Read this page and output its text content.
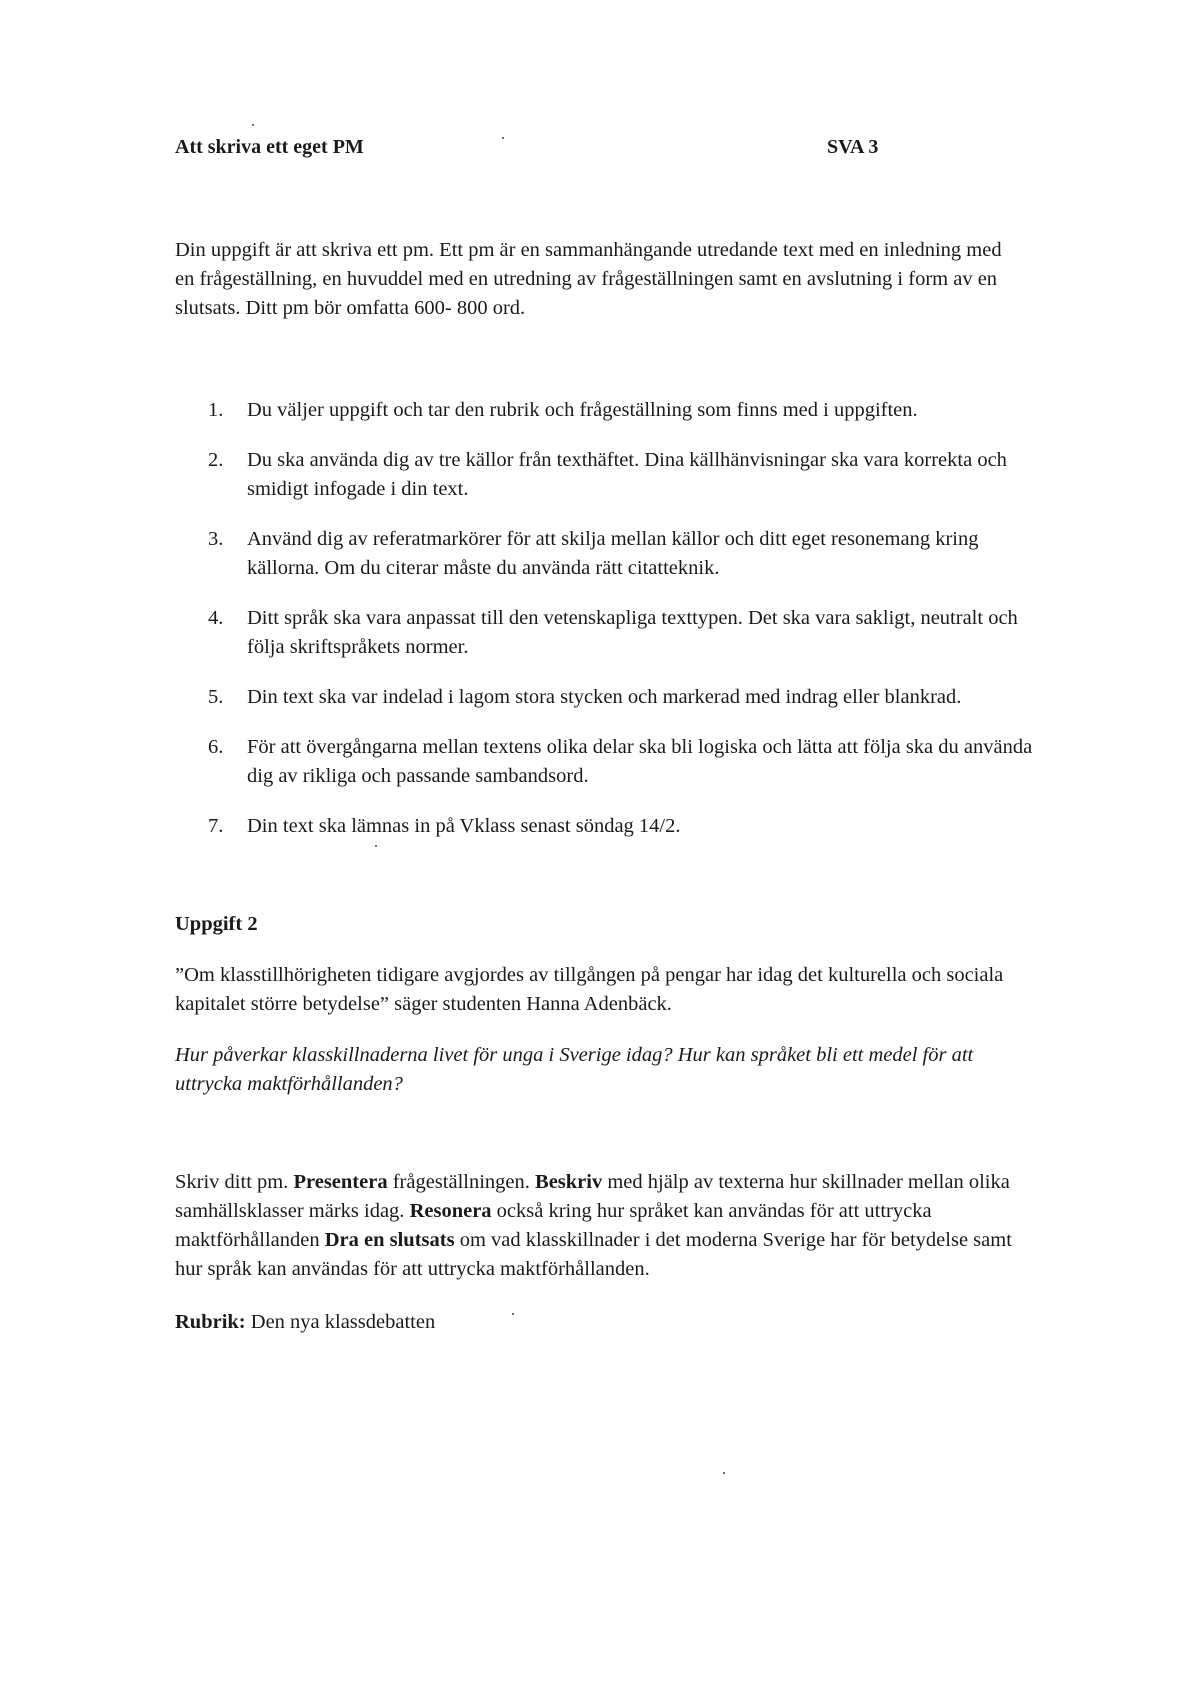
Att skriva ett eget PM	SVA 3
Din uppgift är att skriva ett pm. Ett pm är en sammanhängande utredande text med en inledning med en frågeställning, en huvuddel med en utredning av frågeställningen samt en avslutning i form av en slutsats. Ditt pm bör omfatta 600- 800 ord.
1.	Du väljer uppgift och tar den rubrik och frågeställning som finns med i uppgiften.
2.	Du ska använda dig av tre källor från texthäftet. Dina källhänvisningar ska vara korrekta och smidigt infogade i din text.
3.	Använd dig av referatmarkörer för att skilja mellan källor och ditt eget resonemang kring källorna. Om du citerar måste du använda rätt citatteknik.
4.	Ditt språk ska vara anpassat till den vetenskapliga texttypen. Det ska vara sakligt, neutralt och följa skriftspråkets normer.
5.	Din text ska var indelad i lagom stora stycken och markerad med indrag eller blankrad.
6.	För att övergångarna mellan textens olika delar ska bli logiska och lätta att följa ska du använda dig av rikliga och passande sambandsord.
7.	Din text ska lämnas in på Vklass senast söndag 14/2.
Uppgift 2
”Om klasstillhörigheten tidigare avgjordes av tillgången på pengar har idag det kulturella och sociala kapitalet större betydelse” säger studenten Hanna Adenbäck.
Hur påverkar klasskillnaderna livet för unga i Sverige idag? Hur kan språket bli ett medel för att uttrycka maktförhållanden?
Skriv ditt pm. Presentera frågeställningen. Beskriv med hjälp av texterna hur skillnader mellan olika samhällsklasser märks idag. Resonera också kring hur språket kan användas för att uttrycka maktförhållanden Dra en slutsats om vad klasskillnader i det moderna Sverige har för betydelse samt hur språk kan användas för att uttrycka maktförhållanden.
Rubrik: Den nya klassdebatten
